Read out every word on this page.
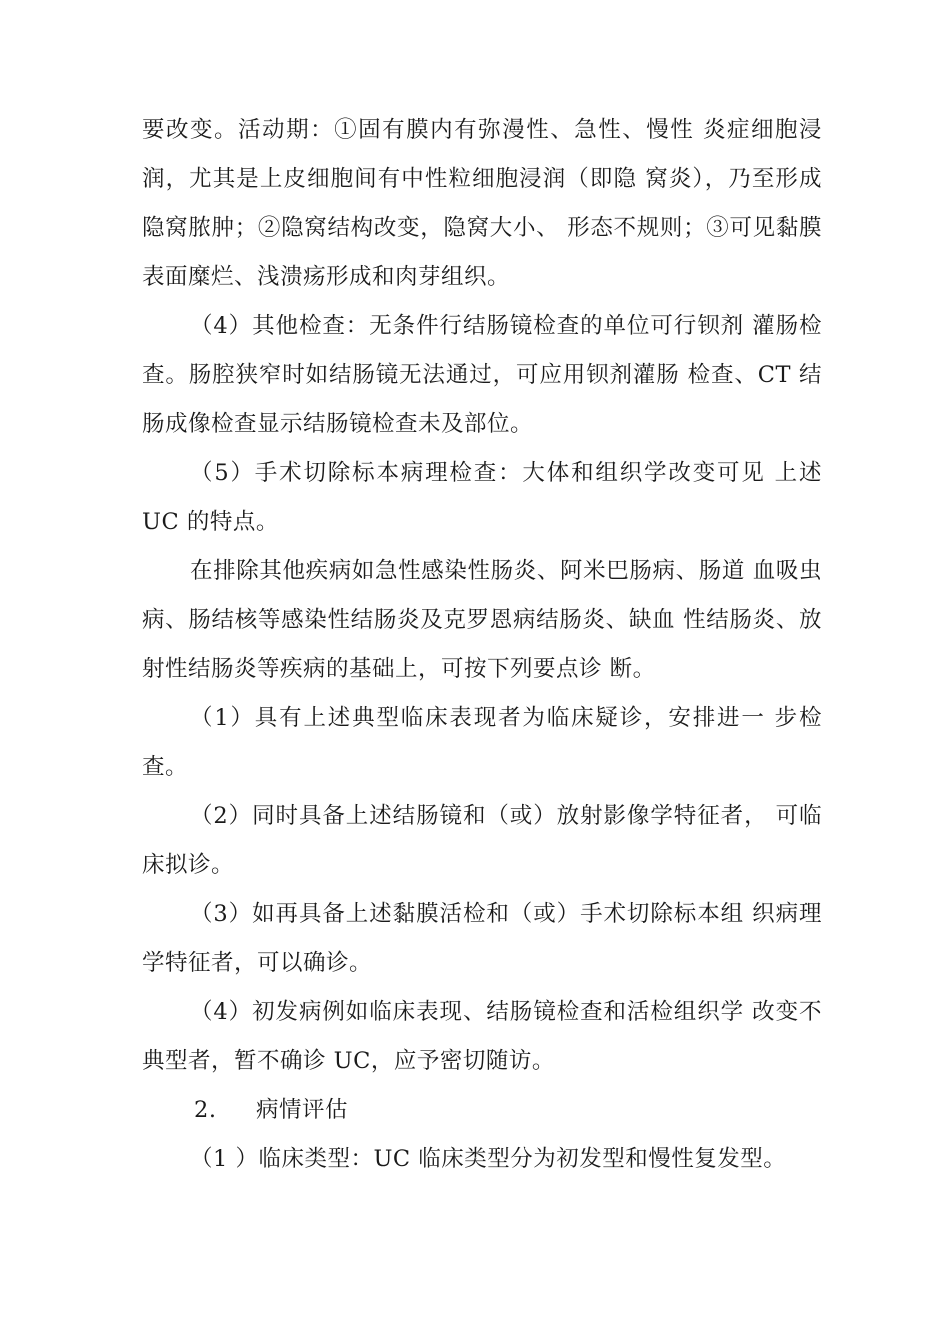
要改变。活动期：①固有膜内有弥漫性、急性、慢性 炎症细胞浸润，尤其是上皮细胞间有中性粒细胞浸润（即隐 窝炎），乃至形成隐窝脓肿；②隐窝结构改变，隐窝大小、 形态不规则；③可见黏膜表面糜烂、浅溃疡形成和肉芽组织。

（4）其他检查：无条件行结肠镜检查的单位可行钡剂 灌肠检查。肠腔狭窄时如结肠镜无法通过，可应用钡剂灌肠 检查、CT 结肠成像检查显示结肠镜检查未及部位。

（5）手术切除标本病理检查：大体和组织学改变可见 上述 UC 的特点。

在排除其他疾病如急性感染性肠炎、阿米巴肠病、肠道 血吸虫病、肠结核等感染性结肠炎及克罗恩病结肠炎、缺血 性结肠炎、放射性结肠炎等疾病的基础上，可按下列要点诊 断。

（1）具有上述典型临床表现者为临床疑诊，安排进一 步检查。

（2）同时具备上述结肠镜和（或）放射影像学特征者， 可临床拟诊。

（3）如再具备上述黏膜活检和（或）手术切除标本组 织病理学特征者，可以确诊。

（4）初发病例如临床表现、结肠镜检查和活检组织学 改变不典型者，暂不确诊 UC，应予密切随访。

2. 病情评估

（1 ）临床类型：UC 临床类型分为初发型和慢性复发型。
